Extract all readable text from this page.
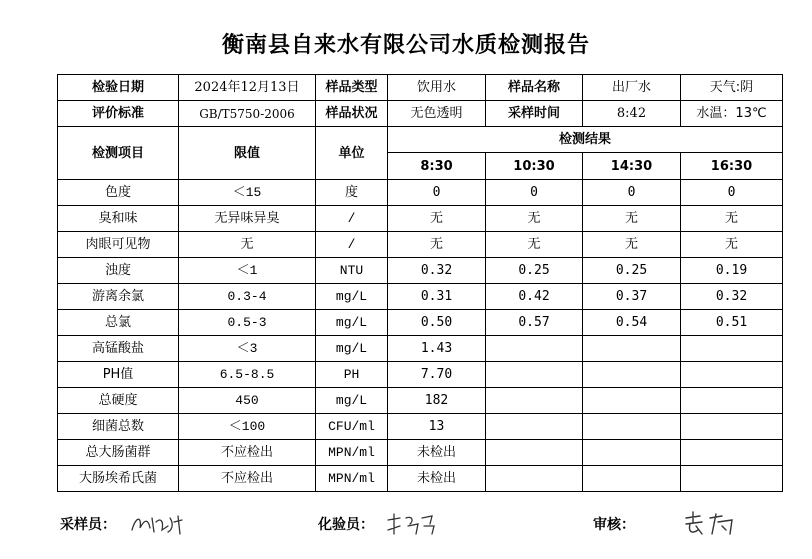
衡南县自来水有限公司水质检测报告
检验日期	2024年12月13日	样品类型	饮用水	样品名称	出厂水	天气:阴
评价标准	GB/T5750-2006	样品状况	无色透明	采样时间	8:42	水温：13℃
检测项目	限值	单位	检测结果			
			8:30	10:30	14:30	16:30
色度	＜15	度	0	0	0	0
臭和味	无异味异臭	/	无	无	无	无
肉眼可见物	无	/	无	无	无	无
浊度	＜1	NTU	0.32	0.25	0.25	0.19
游离余氯	0.3-4	mg/L	0.31	0.42	0.37	0.32
总氯	0.5-3	mg/L	0.50	0.57	0.54	0.51
高锰酸盐	＜3	mg/L	1.43			
PH值	6.5-8.5	PH	7.70			
总硬度	450	mg/L	182			
细菌总数	＜100	CFU/ml	13			
总大肠菌群	不应检出	MPN/ml	未检出			
大肠埃希氏菌	不应检出	MPN/ml	未检出			
采样员：	化验员：	审核：
